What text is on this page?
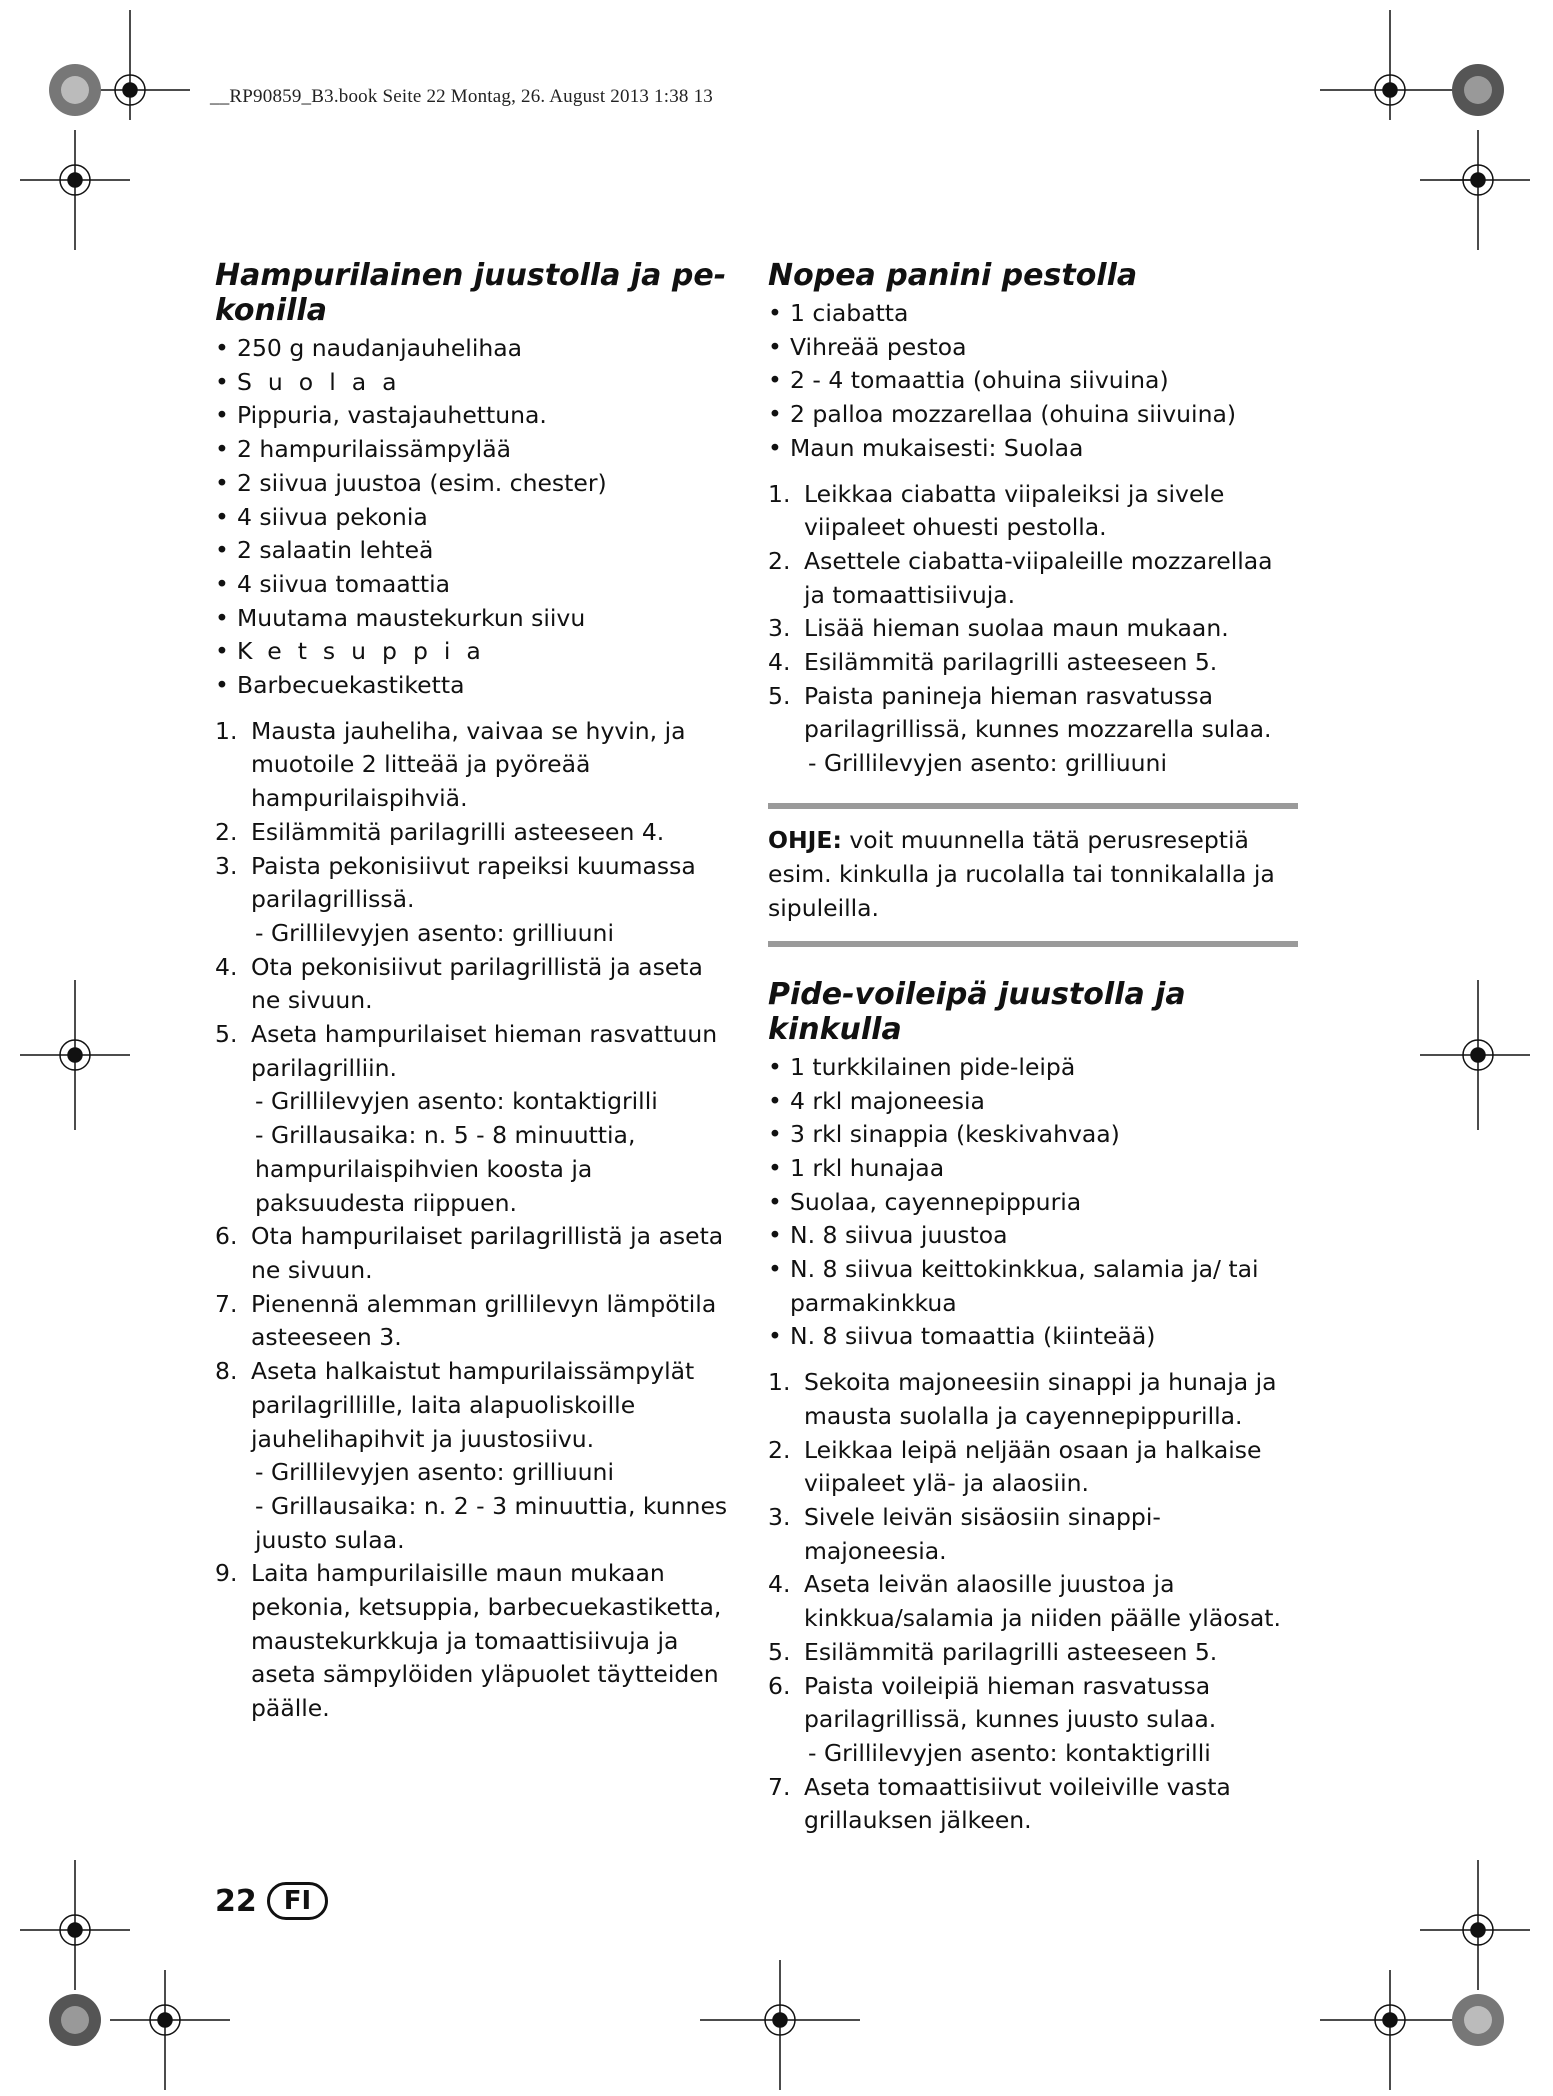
__RP90859_B3.book Seite 22 Montag, 26. August 2013 1:38 13
Hampurilainen juustolla ja pe-
konilla
• 250 g naudanjauhelihaa
• Suolaa
• Pippuria, vastajauhettuna.
• 2 hampurilaissämpylää
• 2 siivua juustoa (esim. chester)
• 4 siivua pekonia
• 2 salaatin lehteä
• 4 siivua tomaattia
• Muutama maustekurkun siivu
• Ketsuppia
• Barbecuekastiketta
1. Mausta jauheliha, vaivaa se hyvin, ja muotoile 2 litteää ja pyöreää hampurilaispihviä.
2. Esilämmitä parilagrilli asteeseen 4.
3. Paista pekonisiivut rapeiksi kuumassa parilagrillissä.
- Grillilevyjen asento: grilliuuni
4. Ota pekonisiivut parilagrillistä ja aseta ne sivuun.
5. Aseta hampurilaiset hieman rasvattuun parilagrilliin.
- Grillilevyjen asento: kontaktigrilli
- Grillausaika: n. 5 - 8 minuuttia, hampurilaispihvien koosta ja paksuudesta riippuen.
6. Ota hampurilaiset parilagrillistä ja aseta ne sivuun.
7. Pienennä alemman grillilevyn lämpötila asteeseen 3.
8. Aseta halkaistut hampurilaissämpylät parilagrillille, laita alapuoliskoille jauhelihapihvit ja juustosiivu.
- Grillilevyjen asento: grilliuuni
- Grillausaika: n. 2 - 3 minuuttia, kunnes juusto sulaa.
9. Laita hampurilaisille maun mukaan pekonia, ketsuppia, barbecuekastiketta, maustekurkkuja ja tomaattisiivuja ja aseta sämpylöiden yläpuolet täytteiden päälle.
Nopea panini pestolla
• 1 ciabatta
• Vihreää pestoa
• 2 - 4 tomaattia (ohuina siivuina)
• 2 palloa mozzarellaa (ohuina siivuina)
• Maun mukaisesti: Suolaa
1. Leikkaa ciabatta viipaleiksi ja sivele viipaleet ohuesti pestolla.
2. Asettele ciabatta-viipaleille mozzarellaa ja tomaattisiivuja.
3. Lisää hieman suolaa maun mukaan.
4. Esilämmitä parilagrilli asteeseen 5.
5. Paista panineja hieman rasvatussa parilagrillissä, kunnes mozzarella sulaa.
- Grillilevyjen asento: grilliuuni
OHJE: voit muunnella tätä perusreseptiä esim. kinkulla ja rucolalla tai tonnikalalla ja sipuleilla.
Pide-voileipä juustolla ja kinkulla
• 1 turkkilainen pide-leipä
• 4 rkl majoneesia
• 3 rkl sinappia (keskivahvaa)
• 1 rkl hunajaa
• Suolaa, cayennepippuria
• N. 8 siivua juustoa
• N. 8 siivua keittokinkkua, salamia ja/ tai parmakinkkua
• N. 8 siivua tomaattia (kiinteää)
1. Sekoita majoneesiin sinappi ja hunaja ja mausta suolalla ja cayennepippurilla.
2. Leikkaa leipä neljään osaan ja halkaise viipaleet ylä- ja alaosiin.
3. Sivele leivän sisäosiin sinappi-majoneesia.
4. Aseta leivän alaosille juustoa ja kinkkua/salamia ja niiden päälle yläosat.
5. Esilämmitä parilagrilli asteeseen 5.
6. Paista voileipiä hieman rasvatussa parilagrillissä, kunnes juusto sulaa.
- Grillilevyjen asento: kontaktigrilli
7. Aseta tomaattisiivut voileiville vasta grillauksen jälkeen.
22	FI
